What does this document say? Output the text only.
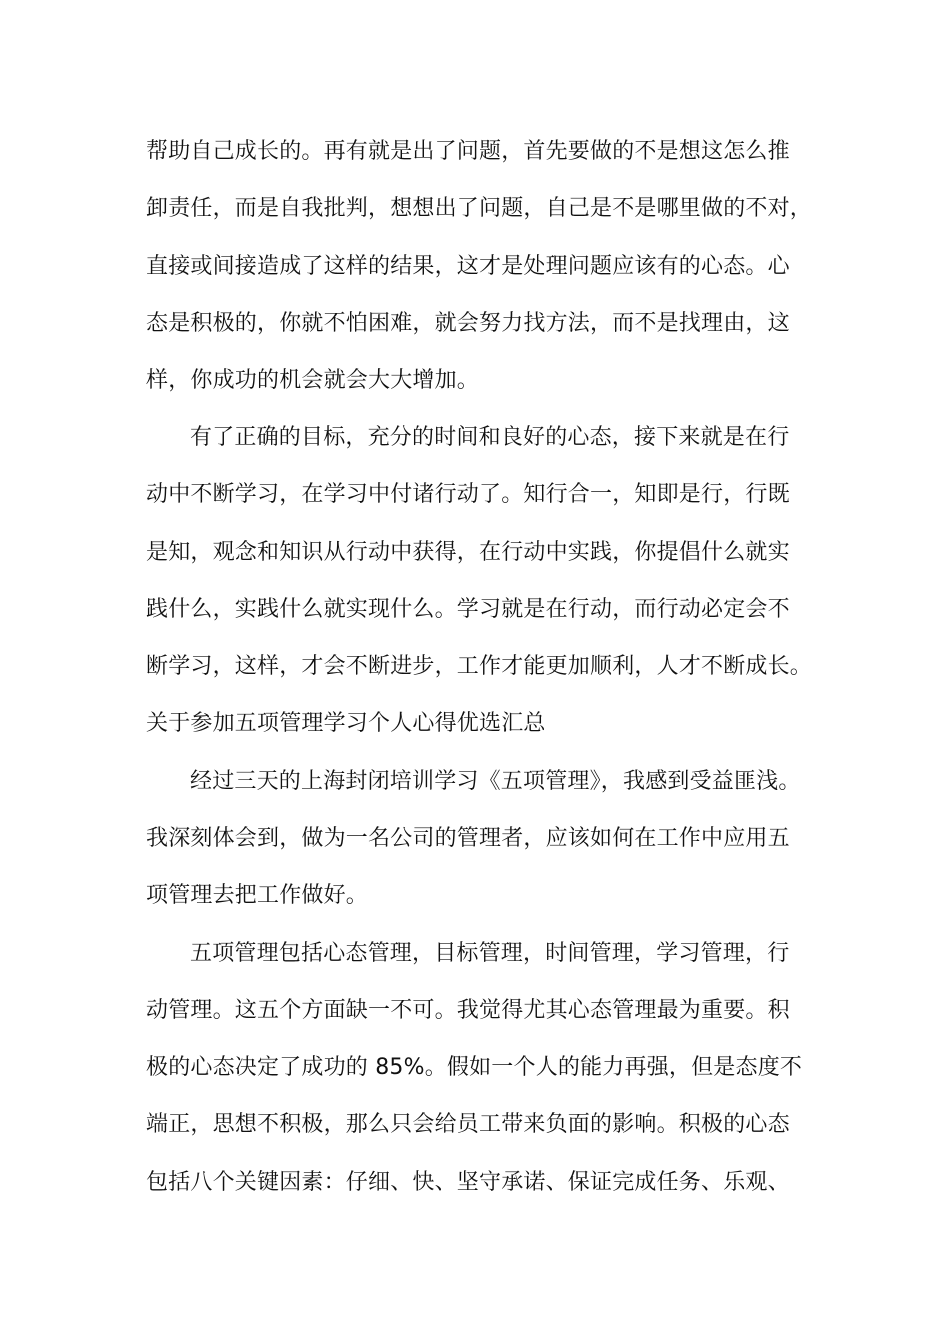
帮助自己成长的。再有就是出了问题，首先要做的不是想这怎么推
卸责任，而是自我批判，想想出了问题，自己是不是哪里做的不对，
直接或间接造成了这样的结果，这才是处理问题应该有的心态。心
态是积极的，你就不怕困难，就会努力找方法，而不是找理由，这
样，你成功的机会就会大大增加。
有了正确的目标，充分的时间和良好的心态，接下来就是在行
动中不断学习，在学习中付诸行动了。知行合一，知即是行，行既
是知，观念和知识从行动中获得，在行动中实践，你提倡什么就实
践什么，实践什么就实现什么。学习就是在行动，而行动必定会不
断学习，这样，才会不断进步，工作才能更加顺利，人才不断成长。
关于参加五项管理学习个人心得优选汇总
经过三天的上海封闭培训学习《五项管理》，我感到受益匪浅。
我深刻体会到，做为一名公司的管理者，应该如何在工作中应用五
项管理去把工作做好。
五项管理包括心态管理，目标管理，时间管理，学习管理，行
动管理。这五个方面缺一不可。我觉得尤其心态管理最为重要。积
极的心态决定了成功的 85%。假如一个人的能力再强，但是态度不
端正，思想不积极，那么只会给员工带来负面的影响。积极的心态
包括八个关键因素：仔细、快、坚守承诺、保证完成任务、乐观、
